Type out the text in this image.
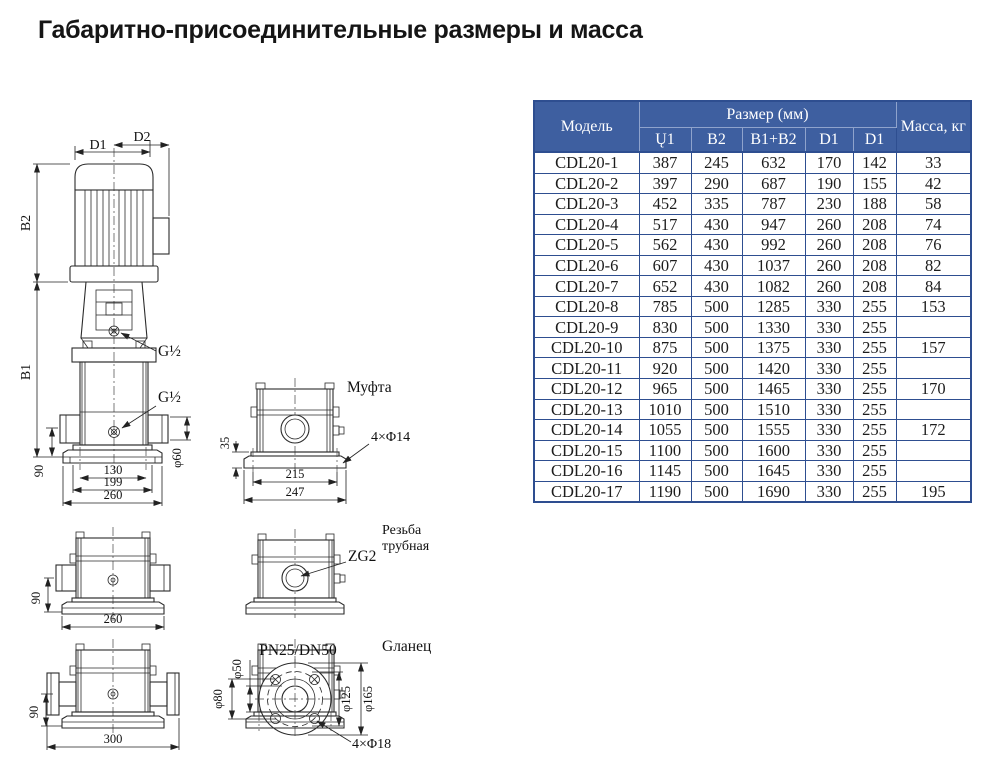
Габаритно-присоединительные размеры и масса
D1
D2
B2
B1
G½
G½
φ60
90	130
199
260
Муфта
4×Φ14
35
215
247
90
260
ZG2
Резьба
трубная
90
300
PN25/DN50
φ50
φ80	φ125 φ165
4×Φ18
Gланец
Модель	Размер (мм)					Масса, кг
	Ų1	B2	B1+B2	D1	D1	
CDL20-1	387	245	632	170	142	33
CDL20-2	397	290	687	190	155	42
CDL20-3	452	335	787	230	188	58
CDL20-4	517	430	947	260	208	74
CDL20-5	562	430	992	260	208	76
CDL20-6	607	430	1037	260	208	82
CDL20-7	652	430	1082	260	208	84
CDL20-8	785	500	1285	330	255	153
CDL20-9	830	500	1330	330	255	
CDL20-10	875	500	1375	330	255	157
CDL20-11	920	500	1420	330	255	
CDL20-12	965	500	1465	330	255	170
CDL20-13	1010	500	1510	330	255	
CDL20-14	1055	500	1555	330	255	172
CDL20-15	1100	500	1600	330	255	
CDL20-16	1145	500	1645	330	255	
CDL20-17	1190	500	1690	330	255	195
